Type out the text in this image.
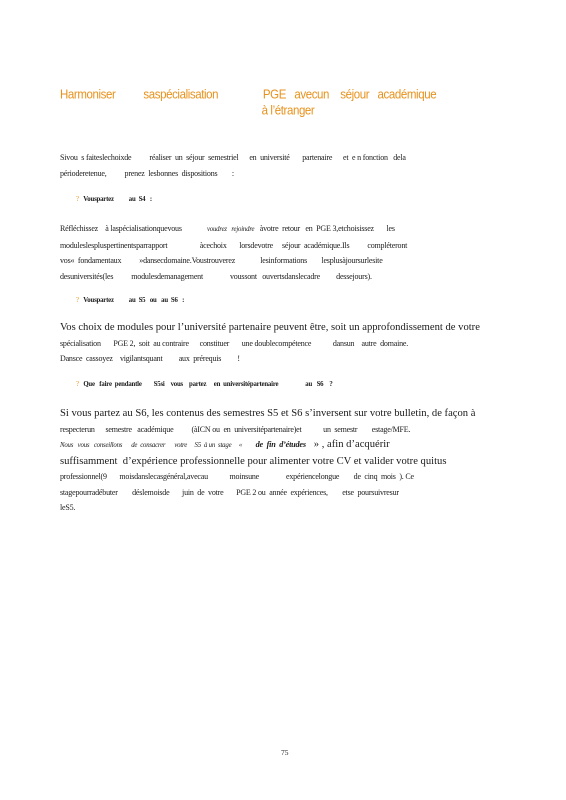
Harmoniser          saspécialisation                PGE   avecun    séjour   académique
à l’étranger
Sivou  s faiteslechoixde          réaliser  un  séjour  semestriel      en  université       partenaire      et  e n fonction   dela
périoderetenue,          prenez  lesbonnes  dispositions        :
?   Vouspartez          au  S4   :
Réfléchissez    à laspécialisationquevous              voudrez   rejoindre   àvotre  retour   en  PGE 3,etchoisissez       les
moduleslespluspertinentsparrapport                  àcechoix       lorsdevotre     séjour  académique.Ils          compléteront
vos«  fondamentaux          »dansecdomaine.Voustrouverez              lesinformations        lesplusàjoursurlesite
desuniversités(les          modulesdemanagement               voussont   ouvertsdanslecadre         dessejours).
?   Vouspartez          au  S5   ou   au  S6   :
Vos choix de modules pour l’université partenaire peuvent être, soit un approfondissement de votre
spécialisation       PGE 2,  soit  au contraire      constituer       une doublecompétence            dansun    autre  domaine.
Dansce  cassoyez    vigilantsquant         aux  prérequis         !
?   Que   faire  pendantle        S5si    vous    partez     en  universitépartenaire                  au   S6    ?
Si vous partez au S6, les contenus des semestres S5 et S6 s’inversent sur votre bulletin, de façon à
respecterun      semestre   académique          (àICN ou  en  universitépartenaire)et            un  semestr        estage/MFE.
Nous   vous   conseillons      de  consacrer      votre     S5  à un  stage     «         de  fin  d’études   » , afin d’acquérir
suffisamment  d’expérience professionnelle pour alimenter votre CV et valider votre quitus
professionnel(9       moisdanslecasgénéral,avecau            moinsune               expériencelongue        de  cinq  mois  ). Ce
stagepourradébuter        déslemoisde       juin  de  votre       PGE 2 ou  année  expériences,        etse  poursuivresur
leS5.
75
